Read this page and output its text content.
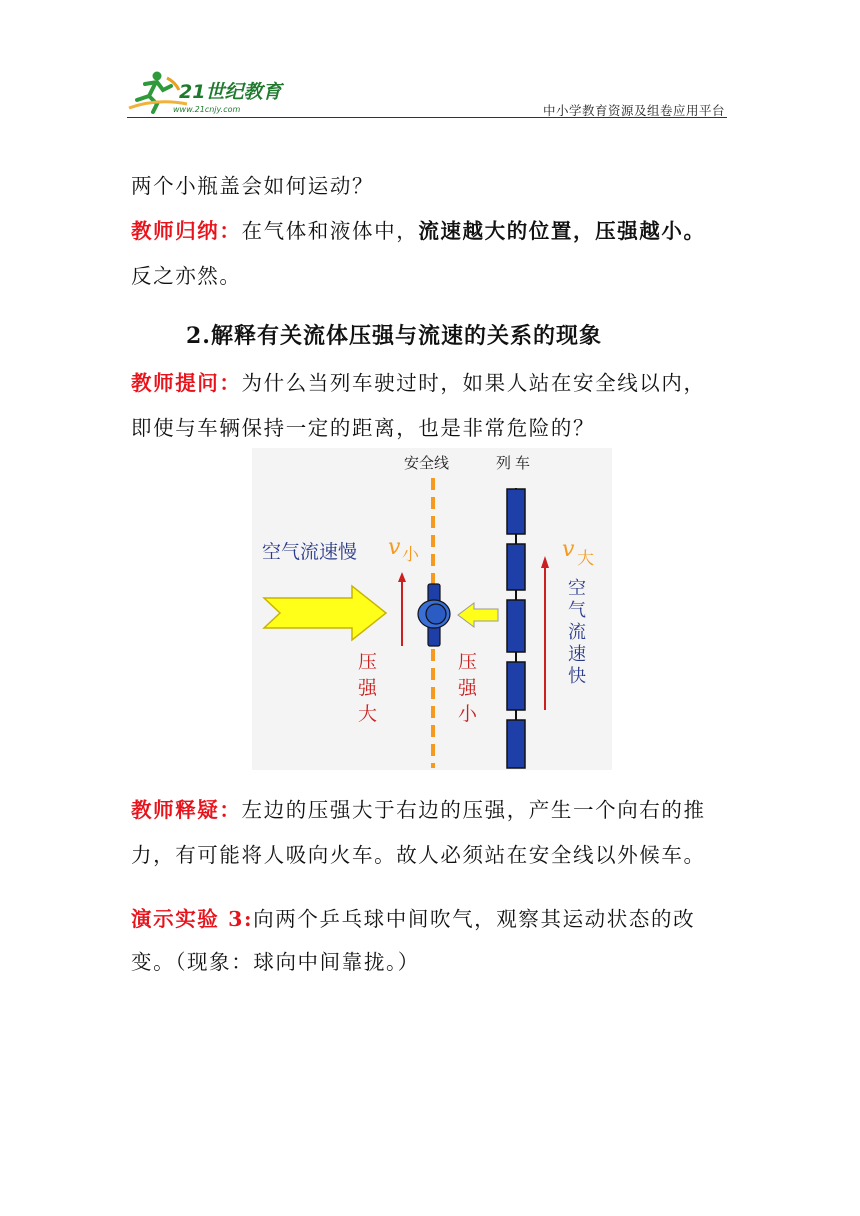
21世纪教育
www.21cnjy.com	中小学教育资源及组卷应用平台
两个小瓶盖会如何运动？
教师归纳：在气体和液体中，流速越大的位置，压强越小。
反之亦然。
2.解释有关流体压强与流速的关系的现象
教师提问：为什么当列车驶过时，如果人站在安全线以内，
即使与车辆保持一定的距离，也是非常危险的？
安全线	列车
空气流速慢 v 小	v 大
空
气
流
速
快
压
强
大
压
强
小
教师释疑：左边的压强大于右边的压强，产生一个向右的推
力，有可能将人吸向火车。故人必须站在安全线以外候车。
演示实验 3:向两个乒乓球中间吹气，观察其运动状态的改
变。（现象：球向中间靠拢。）
